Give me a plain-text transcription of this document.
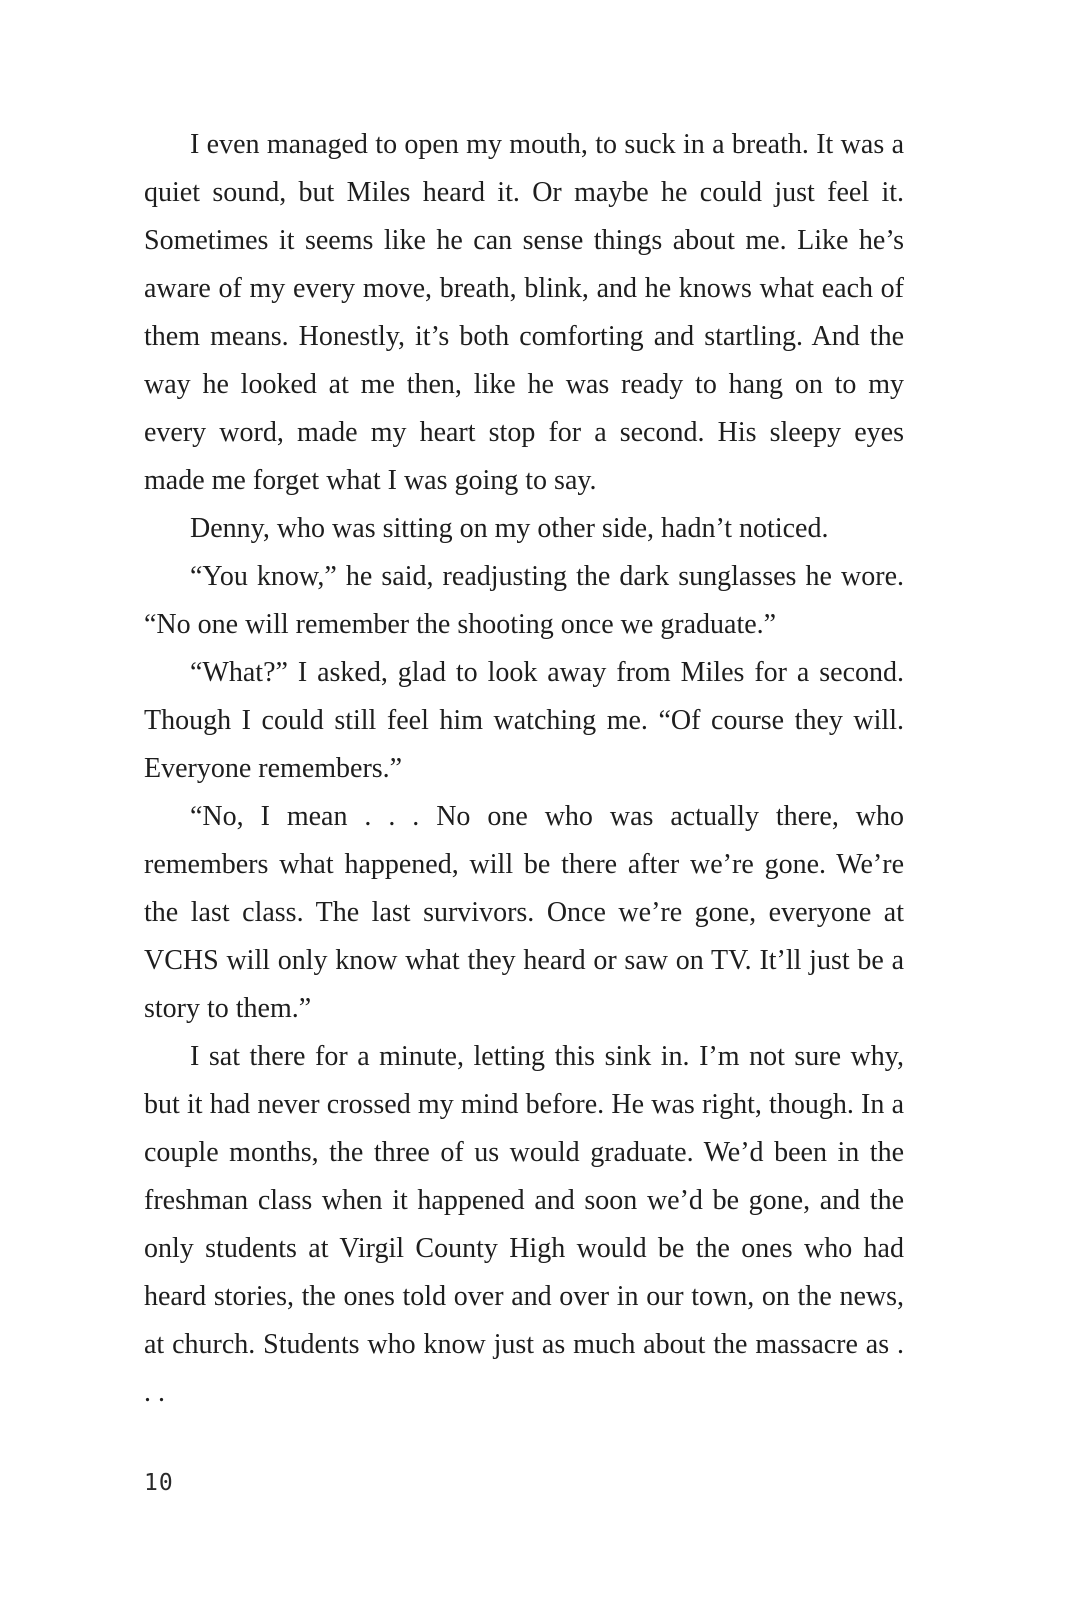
I even managed to open my mouth, to suck in a breath. It was a quiet sound, but Miles heard it. Or maybe he could just feel it. Sometimes it seems like he can sense things about me. Like he’s aware of my every move, breath, blink, and he knows what each of them means. Honestly, it’s both comforting and startling. And the way he looked at me then, like he was ready to hang on to my every word, made my heart stop for a second. His sleepy eyes made me forget what I was going to say.

Denny, who was sitting on my other side, hadn’t noticed.

“You know,” he said, readjusting the dark sunglasses he wore. “No one will remember the shooting once we graduate.”

“What?” I asked, glad to look away from Miles for a second. Though I could still feel him watching me. “Of course they will. Everyone remembers.”

“No, I mean . . . No one who was actually there, who remembers what happened, will be there after we’re gone. We’re the last class. The last survivors. Once we’re gone, everyone at VCHS will only know what they heard or saw on TV. It’ll just be a story to them.”

I sat there for a minute, letting this sink in. I’m not sure why, but it had never crossed my mind before. He was right, though. In a couple months, the three of us would graduate. We’d been in the freshman class when it happened and soon we’d be gone, and the only students at Virgil County High would be the ones who had heard stories, the ones told over and over in our town, on the news, at church. Students who know just as much about the massacre as . . .

10
